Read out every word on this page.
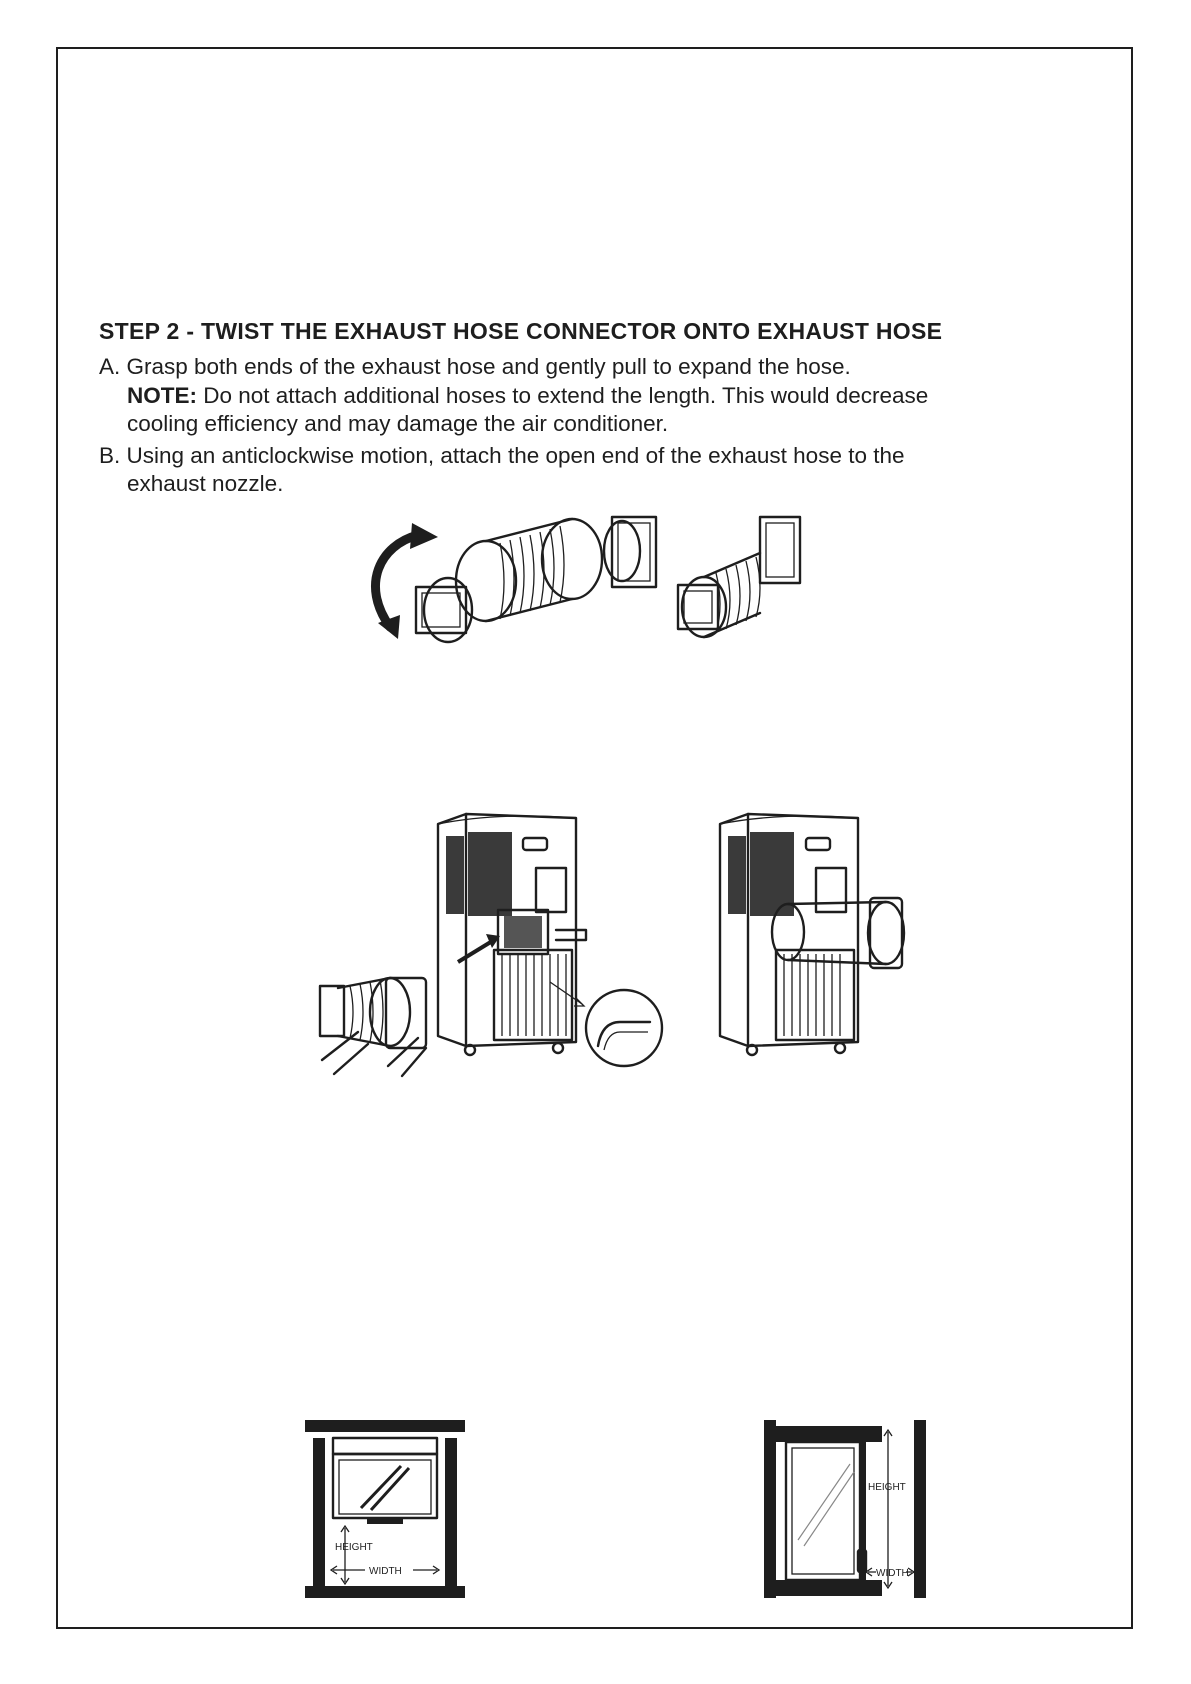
STEP 2 - TWIST THE EXHAUST HOSE CONNECTOR ONTO EXHAUST HOSE
A. Grasp both ends of the exhaust hose and gently pull to expand the hose.
NOTE: Do not attach additional hoses to extend the length. This would decrease
cooling efficiency and may damage the air conditioner.
B. Using an anticlockwise motion, attach the open end of the exhaust hose to the
exhaust nozzle.
HEIGHT
WIDTH
HEIGHT
WIDTH
